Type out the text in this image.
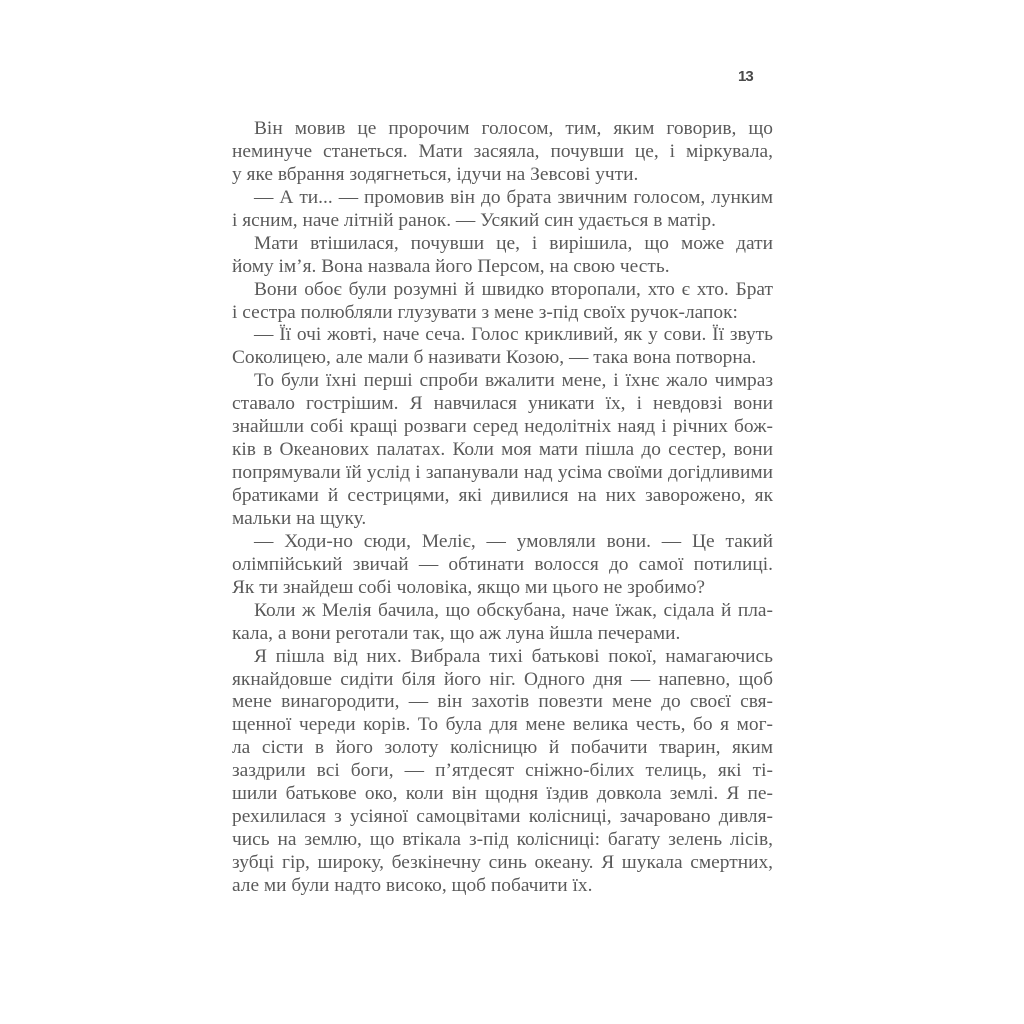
13
Він мовив це пророчим голосом, тим, яким говорив, що
неминуче станеться. Мати засяяла, почувши це, і міркувала,
у яке вбрання зодягнеться, ідучи на Зевсові учти.
— А ти... — промовив він до брата звичним голосом, лунким
і ясним, наче літній ранок. — Усякий син удається в матір.
Мати втішилася, почувши це, і вирішила, що може дати
йому ім’я. Вона назвала його Персом, на свою честь.
Вони обоє були розумні й швидко второпали, хто є хто. Брат
і сестра полюбляли глузувати з мене з-під своїх ручок-лапок:
— Її очі жовті, наче сеча. Голос крикливий, як у сови. Її звуть
Соколицею, але мали б називати Козою, — така вона потворна.
То були їхні перші спроби вжалити мене, і їхнє жало чимраз
ставало гострішим. Я навчилася уникати їх, і невдовзі вони
знайшли собі кращі розваги серед недолітніх наяд і річних бож-
ків в Океанових палатах. Коли моя мати пішла до сестер, вони
попрямували їй услід і запанували над усіма своїми догідливими
братиками й сестрицями, які дивилися на них заворожено, як
мальки на щуку.
— Ходи-но сюди, Меліє, — умовляли вони. — Це такий
олімпійський звичай — обтинати волосся до самої потилиці.
Як ти знайдеш собі чоловіка, якщо ми цього не зробимо?
Коли ж Мелія бачила, що обскубана, наче їжак, сідала й пла-
кала, а вони реготали так, що аж луна йшла печерами.
Я пішла від них. Вибрала тихі батькові покої, намагаючись
якнайдовше сидіти біля його ніг. Одного дня — напевно, щоб
мене винагородити, — він захотів повезти мене до своєї свя-
щенної череди корів. То була для мене велика честь, бо я мог-
ла сісти в його золоту колісницю й побачити тварин, яким
заздрили всі боги, — п’ятдесят сніжно-білих телиць, які ті-
шили батькове око, коли він щодня їздив довкола землі. Я пе-
рехилилася з усіяної самоцвітами колісниці, зачаровано дивля-
чись на землю, що втікала з-під колісниці: багату зелень лісів,
зубці гір, широку, безкінечну синь океану. Я шукала смертних,
але ми були надто високо, щоб побачити їх.
